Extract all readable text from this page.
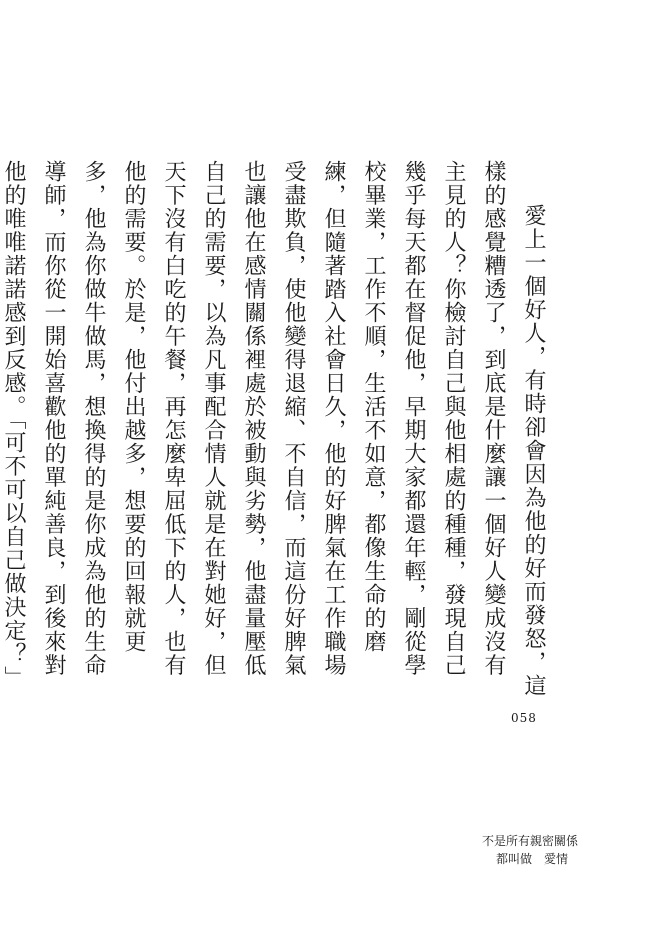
愛上一個好人，有時卻會因為他的好而發怒，這樣的感覺糟透了，到底是什麼讓一個好人變成沒有主見的人？你檢討自己與他相處的種種，發現自己幾乎每天都在督促他，早期大家都還年輕，剛從學校畢業，工作不順，生活不如意，都像生命的磨練，但隨著踏入社會日久，他的好脾氣在工作職場受盡欺負，使他變得退縮、不自信，而這份好脾氣也讓他在感情關係裡處於被動與劣勢，他盡量壓低自己的需要，以為凡事配合情人就是在對她好，但天下沒有白吃的午餐，再怎麼卑屈低下的人，也有他的需要。於是，他付出越多，想要的回報就更多，他為你做牛做馬，想換得的是你成為他的生命導師，而你從一開始喜歡他的單純善良，到後來對他的唯唯諾諾感到反感。「可不可以自己做決定？」

058
不是所有親密關係
都叫做　愛情
